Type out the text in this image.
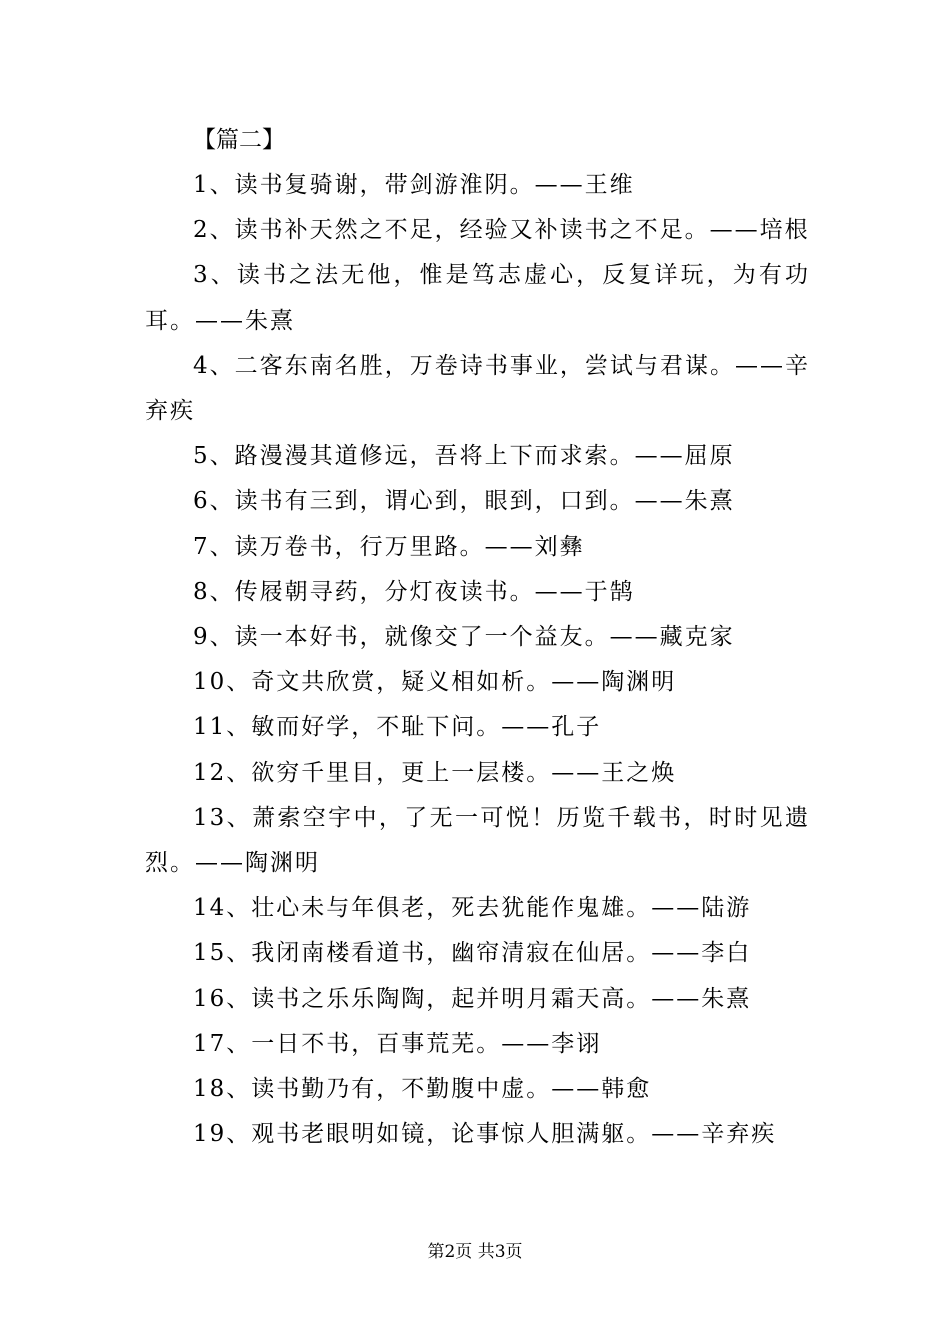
【篇二】

1、读书复骑谢，带剑游淮阴。——王维

2、读书补天然之不足，经验又补读书之不足。——培根

3、读书之法无他，惟是笃志虚心，反复详玩，为有功耳。——朱熹

4、二客东南名胜，万卷诗书事业，尝试与君谋。——辛弃疾

5、路漫漫其道修远，吾将上下而求索。——屈原

6、读书有三到，谓心到，眼到，口到。——朱熹

7、读万卷书，行万里路。——刘彝

8、传屐朝寻药，分灯夜读书。——于鹄

9、读一本好书，就像交了一个益友。——藏克家

10、奇文共欣赏，疑义相如析。——陶渊明

11、敏而好学，不耻下问。——孔子

12、欲穷千里目，更上一层楼。——王之焕

13、萧索空宇中，了无一可悦！历览千载书，时时见遗烈。——陶渊明

14、壮心未与年俱老，死去犹能作鬼雄。——陆游

15、我闭南楼看道书，幽帘清寂在仙居。——李白

16、读书之乐乐陶陶，起并明月霜天高。——朱熹

17、一日不书，百事荒芜。——李诩

18、读书勤乃有，不勤腹中虚。——韩愈

19、观书老眼明如镜，论事惊人胆满躯。——辛弃疾

第2页 共3页
